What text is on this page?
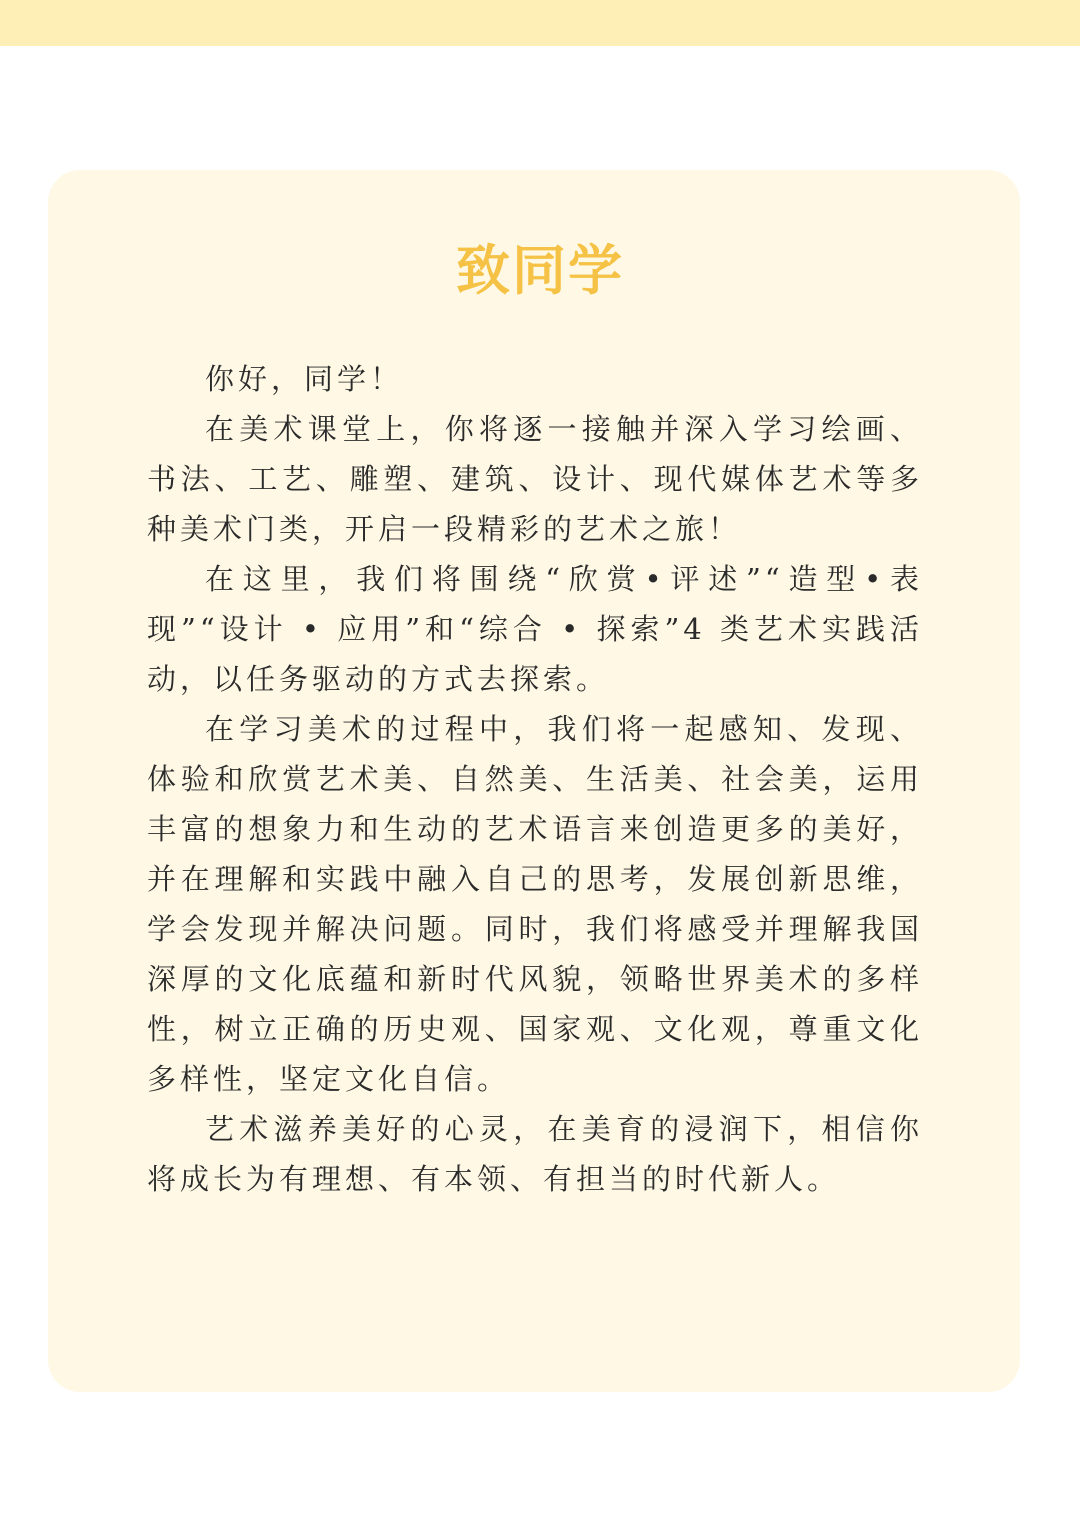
致同学

你好，同学！

在美术课堂上，你将逐一接触并深入学习绘画、书法、工艺、雕塑、建筑、设计、现代媒体艺术等多种美术门类，开启一段精彩的艺术之旅！

在这里，我们将围绕“欣赏•评述”“造型•表现”“设计 • 应用”和“综合 • 探索”4 类艺术实践活动，以任务驱动的方式去探索。

在学习美术的过程中，我们将一起感知、发现、体验和欣赏艺术美、自然美、生活美、社会美，运用丰富的想象力和生动的艺术语言来创造更多的美好，并在理解和实践中融入自己的思考，发展创新思维，学会发现并解决问题。同时，我们将感受并理解我国深厚的文化底蕴和新时代风貌，领略世界美术的多样性，树立正确的历史观、国家观、文化观，尊重文化多样性，坚定文化自信。

艺术滋养美好的心灵，在美育的浸润下，相信你将成长为有理想、有本领、有担当的时代新人。
